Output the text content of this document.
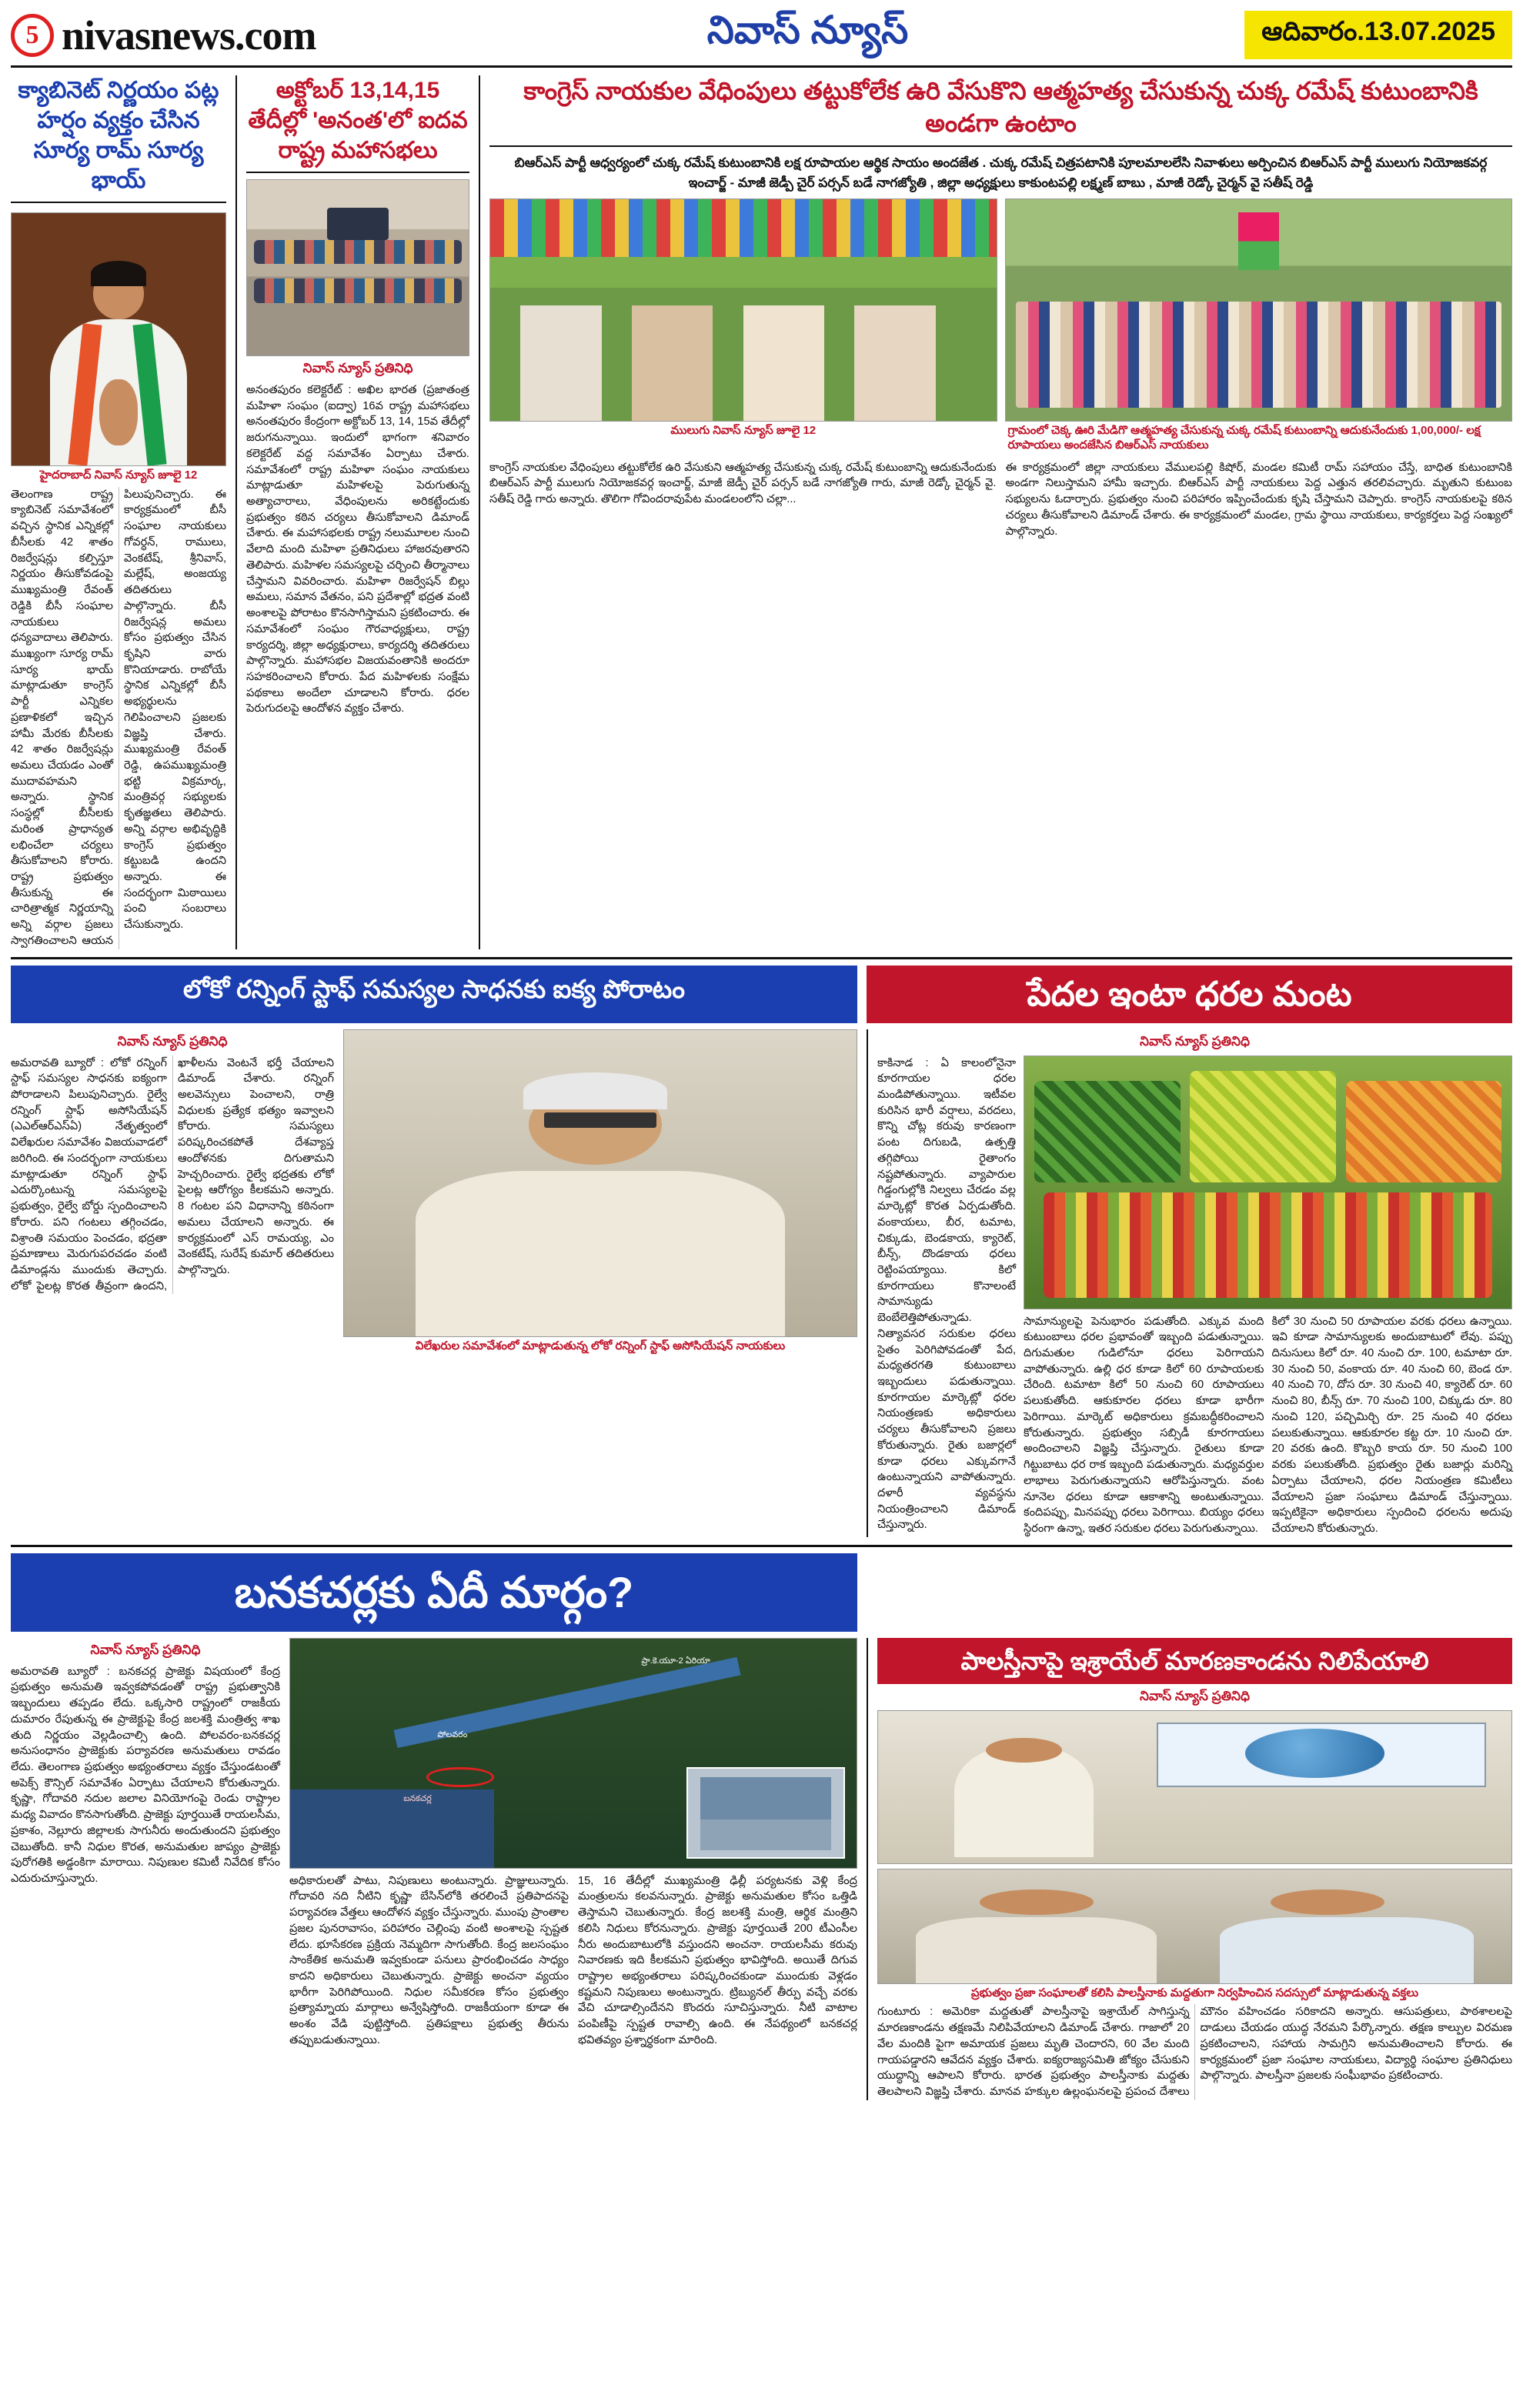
5 nivasnews.com	నివాస్ న్యూస్	ఆదివారం.13.07.2025
క్యాబినెట్ నిర్ణయం పట్ల హర్షం వ్యక్తం చేసిన సూర్య రామ్ సూర్య భాయ్
హైదరాబాద్ నివాస్ న్యూస్ జూలై 12
తెలంగాణ రాష్ట్ర క్యాబినెట్ సమావేశంలో వచ్చిన స్థానిక ఎన్నికల్లో బీసీలకు 42 శాతం రిజర్వేషన్లు కల్పిస్తూ నిర్ణయం తీసుకోవడంపై ముఖ్యమంత్రి రేవంత్ రెడ్డికి బీసీ సంఘాల నాయకులు ధన్యవాదాలు తెలిపారు. ముఖ్యంగా సూర్య రామ్ సూర్య భాయ్ మాట్లాడుతూ కాంగ్రెస్ పార్టీ ఎన్నికల ప్రణాళికలో ఇచ్చిన హామీ మేరకు బీసీలకు 42 శాతం రిజర్వేషన్లు అమలు చేయడం ఎంతో ముదావహమని అన్నారు. స్థానిక సంస్థల్లో బీసీలకు మరింత ప్రాధాన్యత లభించేలా చర్యలు తీసుకోవాలని కోరారు. రాష్ట్ర ప్రభుత్వం తీసుకున్న ఈ చారిత్రాత్మక నిర్ణయాన్ని అన్ని వర్గాల ప్రజలు స్వాగతించాలని ఆయన పిలుపునిచ్చారు. ఈ కార్యక్రమంలో బీసీ సంఘాల నాయకులు గోవర్ధన్, రాములు, వెంకటేష్, శ్రీనివాస్, మల్లేష్, అంజయ్య తదితరులు పాల్గొన్నారు. బీసీ రిజర్వేషన్ల అమలు కోసం ప్రభుత్వం చేసిన కృషిని వారు కొనియాడారు. రాబోయే స్థానిక ఎన్నికల్లో బీసీ అభ్యర్థులను గెలిపించాలని ప్రజలకు విజ్ఞప్తి చేశారు. ముఖ్యమంత్రి రేవంత్ రెడ్డి, ఉపముఖ్యమంత్రి భట్టి విక్రమార్క, మంత్రివర్గ సభ్యులకు కృతజ్ఞతలు తెలిపారు. అన్ని వర్గాల అభివృద్ధికి కాంగ్రెస్ ప్రభుత్వం కట్టుబడి ఉందని అన్నారు. ఈ సందర్భంగా మిఠాయిలు పంచి సంబరాలు చేసుకున్నారు.
అక్టోబర్ 13,14,15 తేదీల్లో 'అనంత'లో ఐదవ రాష్ట్ర మహాసభలు
నివాస్ న్యూస్ ప్రతినిధి
అనంతపురం కలెక్టరేట్ : అఖిల భారత (ప్రజాతంత్ర మహిళా సంఘం (ఐద్వా) 16వ రాష్ట్ర మహాసభలు అనంతపురం కేంద్రంగా అక్టోబర్ 13, 14, 15వ తేదీల్లో జరుగనున్నాయి. ఇందులో భాగంగా శనివారం కలెక్టరేట్ వద్ద సమావేశం ఏర్పాటు చేశారు. సమావేశంలో రాష్ట్ర మహిళా సంఘం నాయకులు మాట్లాడుతూ మహిళలపై పెరుగుతున్న అత్యాచారాలు, వేధింపులను అరికట్టేందుకు ప్రభుత్వం కఠిన చర్యలు తీసుకోవాలని డిమాండ్ చేశారు. ఈ మహాసభలకు రాష్ట్ర నలుమూలల నుంచి వేలాది మంది మహిళా ప్రతినిధులు హాజరవుతారని తెలిపారు. మహిళల సమస్యలపై చర్చించి తీర్మానాలు చేస్తామని వివరించారు. మహిళా రిజర్వేషన్ బిల్లు అమలు, సమాన వేతనం, పని ప్రదేశాల్లో భద్రత వంటి అంశాలపై పోరాటం కొనసాగిస్తామని ప్రకటించారు. ఈ సమావేశంలో సంఘం గౌరవాధ్యక్షులు, రాష్ట్ర కార్యదర్శి, జిల్లా అధ్యక్షురాలు, కార్యదర్శి తదితరులు పాల్గొన్నారు. మహాసభల విజయవంతానికి అందరూ సహకరించాలని కోరారు. పేద మహిళలకు సంక్షేమ పథకాలు అందేలా చూడాలని కోరారు. ధరల పెరుగుదలపై ఆందోళన వ్యక్తం చేశారు.
కాంగ్రెస్ నాయకుల వేధింపులు తట్టుకోలేక ఉరి వేసుకొని ఆత్మహత్య చేసుకున్న చుక్క రమేష్ కుటుంబానికి అండగా ఉంటాం
బిఆర్ఎస్ పార్టీ ఆధ్వర్యంలో చుక్క రమేష్ కుటుంబానికి లక్ష రూపాయల ఆర్థిక సాయం అందజేత . చుక్క రమేష్ చిత్రపటానికి పూలమాలలేసి నివాళులు అర్పించిన బిఆర్ఎస్ పార్టీ ములుగు నియోజకవర్గ ఇంచార్జ్ - మాజీ జెడ్పీ చైర్ పర్సన్ బడే నాగజ్యోతి , జిల్లా అధ్యక్షులు కాకుంటపల్లి లక్ష్మణ్ బాబు , మాజీ రెడ్కో చైర్మన్ వై సతీష్ రెడ్డి
ములుగు నివాస్ న్యూస్ జూలై 12	గ్రామంలో చెక్క ఊరి మేడిగొ ఆత్మహత్య చేసుకున్న చుక్క రమేష్ కుటుంబాన్ని ఆదుకునేందుకు 1,00,000/- లక్ష రూపాయలు అందజేసిన బిఆర్ఎస్ నాయకులు
కాంగ్రెస్ నాయకుల వేధింపులు తట్టుకోలేక ఉరి వేసుకుని ఆత్మహత్య చేసుకున్న చుక్క రమేష్ కుటుంబాన్ని ఆదుకునేందుకు బిఆర్ఎస్ పార్టీ ములుగు నియోజకవర్గ ఇంచార్జ్, మాజీ జెడ్పీ చైర్ పర్సన్ బడే నాగజ్యోతి గారు, మాజీ రెడ్కో చైర్మన్ వై. సతీష్ రెడ్డి గారు అన్నారు. తొలిగా గోవిందరావుపేట మండలంలోని చల్లా...
ఈ కార్యక్రమంలో జిల్లా నాయకులు వేములపల్లి కిషోర్, మండల కమిటీ రామ్ సహాయం చేస్తే, బాధిత కుటుంబానికి అండగా నిలుస్తామని హామీ ఇచ్చారు. బిఆర్ఎస్ పార్టీ నాయకులు పెద్ద ఎత్తున తరలివచ్చారు. మృతుని కుటుంబ సభ్యులను ఓదార్చారు. ప్రభుత్వం నుంచి పరిహారం ఇప్పించేందుకు కృషి చేస్తామని చెప్పారు. కాంగ్రెస్ నాయకులపై కఠిన చర్యలు తీసుకోవాలని డిమాండ్ చేశారు. ఈ కార్యక్రమంలో మండల, గ్రామ స్థాయి నాయకులు, కార్యకర్తలు పెద్ద సంఖ్యలో పాల్గొన్నారు.
లోకో రన్నింగ్ స్టాఫ్ సమస్యల సాధనకు ఐక్య పోరాటం	పేదల ఇంటా ధరల మంట
నివాస్ న్యూస్ ప్రతినిధి
అమరావతి బ్యూరో : లోకో రన్నింగ్ స్టాఫ్ సమస్యల సాధనకు ఐక్యంగా పోరాడాలని పిలుపునిచ్చారు. రైల్వే రన్నింగ్ స్టాఫ్ అసోసియేషన్ (ఎఎల్ఆర్ఎస్ఏ) నేతృత్వంలో విలేఖరుల సమావేశం విజయవాడలో జరిగింది. ఈ సందర్భంగా నాయకులు మాట్లాడుతూ రన్నింగ్ స్టాఫ్ ఎదుర్కొంటున్న సమస్యలపై ప్రభుత్వం, రైల్వే బోర్డు స్పందించాలని కోరారు. పని గంటలు తగ్గించడం, విశ్రాంతి సమయం పెంచడం, భద్రతా ప్రమాణాలు మెరుగుపరచడం వంటి డిమాండ్లను ముందుకు తెచ్చారు. లోకో పైలట్ల కొరత తీవ్రంగా ఉందని, ఖాళీలను వెంటనే భర్తీ చేయాలని డిమాండ్ చేశారు. రన్నింగ్ అలవెన్సులు పెంచాలని, రాత్రి విధులకు ప్రత్యేక భత్యం ఇవ్వాలని కోరారు. సమస్యలు పరిష్కరించకపోతే దేశవ్యాప్త ఆందోళనకు దిగుతామని హెచ్చరించారు. రైల్వే భద్రతకు లోకో పైలట్ల ఆరోగ్యం కీలకమని అన్నారు. 8 గంటల పని విధానాన్ని కఠినంగా అమలు చేయాలని అన్నారు. ఈ కార్యక్రమంలో ఎస్ రామయ్య, ఎం వెంకటేష్, సురేష్ కుమార్ తదితరులు పాల్గొన్నారు.
విలేఖరుల సమావేశంలో మాట్లాడుతున్న లోకో రన్నింగ్ స్టాఫ్ అసోసియేషన్ నాయకులు
నివాస్ న్యూస్ ప్రతినిధి
కాకినాడ : ఏ కాలంలోనైనా కూరగాయల ధరల మండిపోతున్నాయి. ఇటీవల కురిసిన భారీ వర్షాలు, వరదలు, కొన్ని చోట్ల కరువు కారణంగా పంట దిగుబడి, ఉత్పత్తి తగ్గిపోయి రైతాంగం నష్టపోతున్నారు. వ్యాపారుల గిడ్డంగుల్లోకి నిల్వలు చేరడం వల్ల మార్కెట్లో కొరత ఏర్పడుతోంది. వంకాయలు, బీర, టమాట, చిక్కుడు, బెండకాయ, క్యారెట్, బీన్స్, దొండకాయ ధరలు రెట్టింపయ్యాయి. కిలో కూరగాయలు కొనాలంటే సామాన్యుడు బెంబేలెత్తిపోతున్నాడు. నిత్యావసర సరుకుల ధరలు సైతం పెరిగిపోవడంతో పేద, మధ్యతరగతి కుటుంబాలు ఇబ్బందులు పడుతున్నాయి. కూరగాయల మార్కెట్లో ధరల నియంత్రణకు అధికారులు చర్యలు తీసుకోవాలని ప్రజలు కోరుతున్నారు. రైతు బజార్లలో కూడా ధరలు ఎక్కువగానే ఉంటున్నాయని వాపోతున్నారు. దళారీ వ్యవస్థను నియంత్రించాలని డిమాండ్ చేస్తున్నారు.
సామాన్యులపై పెనుభారం పడుతోంది. ఎక్కువ మంది కుటుంబాలు ధరల ప్రభావంతో ఇబ్బంది పడుతున్నాయి. దిగుమతుల గుడిలోనూ ధరలు పెరిగాయని వాపోతున్నారు. ఉల్లి ధర కూడా కిలో 60 రూపాయలకు చేరింది. టమాటా కిలో 50 నుంచి 60 రూపాయలు పలుకుతోంది. ఆకుకూరల ధరలు కూడా భారీగా పెరిగాయి. మార్కెట్ అధికారులు క్రమబద్ధీకరించాలని కోరుతున్నారు. ప్రభుత్వం సబ్సిడీ కూరగాయలు అందించాలని విజ్ఞప్తి చేస్తున్నారు. రైతులు కూడా గిట్టుబాటు ధర రాక ఇబ్బంది పడుతున్నారు. మధ్యవర్తుల లాభాలు పెరుగుతున్నాయని ఆరోపిస్తున్నారు. వంట నూనెల ధరలు కూడా ఆకాశాన్ని అంటుతున్నాయి. కందిపప్పు, మినపప్పు ధరలు పెరిగాయి. బియ్యం ధరలు స్థిరంగా ఉన్నా, ఇతర సరుకుల ధరలు పెరుగుతున్నాయి.
కిలో 30 నుంచి 50 రూపాయల వరకు ధరలు ఉన్నాయి. ఇవి కూడా సామాన్యులకు అందుబాటులో లేవు. పప్పు దినుసులు కిలో రూ. 40 నుంచి రూ. 100, టమాటా రూ. 30 నుంచి 50, వంకాయ రూ. 40 నుంచి 60, బెండ రూ. 40 నుంచి 70, దోస రూ. 30 నుంచి 40, క్యారెట్ రూ. 60 నుంచి 80, బీన్స్ రూ. 70 నుంచి 100, చిక్కుడు రూ. 80 నుంచి 120, పచ్చిమిర్చి రూ. 25 నుంచి 40 ధరలు పలుకుతున్నాయి. ఆకుకూరల కట్ట రూ. 10 నుంచి రూ. 20 వరకు ఉంది. కొబ్బరి కాయ రూ. 50 నుంచి 100 వరకు పలుకుతోంది. ప్రభుత్వం రైతు బజార్లు మరిన్ని ఏర్పాటు చేయాలని, ధరల నియంత్రణ కమిటీలు వేయాలని ప్రజా సంఘాలు డిమాండ్ చేస్తున్నాయి. ఇప్పటికైనా అధికారులు స్పందించి ధరలను అదుపు చేయాలని కోరుతున్నారు.
బనకచర్లకు ఏదీ మార్గం?
నివాస్ న్యూస్ ప్రతినిధి
అమరావతి బ్యూరో : బనకచర్ల ప్రాజెక్టు విషయంలో కేంద్ర ప్రభుత్వం అనుమతి ఇవ్వకపోవడంతో రాష్ట్ర ప్రభుత్వానికి ఇబ్బందులు తప్పడం లేదు. ఒక్కసారి రాష్ట్రంలో రాజకీయ దుమారం రేపుతున్న ఈ ప్రాజెక్టుపై కేంద్ర జలశక్తి మంత్రిత్వ శాఖ తుది నిర్ణయం వెల్లడించాల్సి ఉంది. పోలవరం-బనకచర్ల అనుసంధానం ప్రాజెక్టుకు పర్యావరణ అనుమతులు రావడం లేదు. తెలంగాణ ప్రభుత్వం అభ్యంతరాలు వ్యక్తం చేస్తుండటంతో అపెక్స్ కౌన్సిల్ సమావేశం ఏర్పాటు చేయాలని కోరుతున్నారు. కృష్ణా, గోదావరి నదుల జలాల వినియోగంపై రెండు రాష్ట్రాల మధ్య వివాదం కొనసాగుతోంది. ప్రాజెక్టు పూర్తయితే రాయలసీమ, ప్రకాశం, నెల్లూరు జిల్లాలకు సాగునీరు అందుతుందని ప్రభుత్వం చెబుతోంది. కానీ నిధుల కొరత, అనుమతుల జాప్యం ప్రాజెక్టు పురోగతికి అడ్డంకిగా మారాయి. నిపుణుల కమిటీ నివేదిక కోసం ఎదురుచూస్తున్నారు.
ప్రా.కె.యూ-2 ఏరియా
పోలవరం
బనకచర్ల
అధికారులతో పాటు, నిపుణులు అంటున్నారు. ప్రాజ్ఞులున్నారు. గోదావరి నది నీటిని కృష్ణా బేసిన్‌లోకి తరలించే ప్రతిపాదనపై పర్యావరణ వేత్తలు ఆందోళన వ్యక్తం చేస్తున్నారు. ముంపు ప్రాంతాల ప్రజల పునరావాసం, పరిహారం చెల్లింపు వంటి అంశాలపై స్పష్టత లేదు. భూసేకరణ ప్రక్రియ నెమ్మదిగా సాగుతోంది. కేంద్ర జలసంఘం సాంకేతిక అనుమతి ఇవ్వకుండా పనులు ప్రారంభించడం సాధ్యం కాదని అధికారులు చెబుతున్నారు. ప్రాజెక్టు అంచనా వ్యయం భారీగా పెరిగిపోయింది. నిధుల సమీకరణ కోసం ప్రభుత్వం ప్రత్యామ్నాయ మార్గాలు అన్వేషిస్తోంది. రాజకీయంగా కూడా ఈ అంశం వేడి పుట్టిస్తోంది. ప్రతిపక్షాలు ప్రభుత్వ తీరును తప్పుబడుతున్నాయి.
15, 16 తేదీల్లో ముఖ్యమంత్రి ఢిల్లీ పర్యటనకు వెళ్లి కేంద్ర మంత్రులను కలవనున్నారు. ప్రాజెక్టు అనుమతుల కోసం ఒత్తిడి తెస్తామని చెబుతున్నారు. కేంద్ర జలశక్తి మంత్రి, ఆర్థిక మంత్రిని కలిసి నిధులు కోరనున్నారు. ప్రాజెక్టు పూర్తయితే 200 టీఎంసీల నీరు అందుబాటులోకి వస్తుందని అంచనా. రాయలసీమ కరువు నివారణకు ఇది కీలకమని ప్రభుత్వం భావిస్తోంది. అయితే దిగువ రాష్ట్రాల అభ్యంతరాలు పరిష్కరించకుండా ముందుకు వెళ్లడం కష్టమని నిపుణులు అంటున్నారు. ట్రిబ్యునల్ తీర్పు వచ్చే వరకు వేచి చూడాల్సిందేనని కొందరు సూచిస్తున్నారు. నీటి వాటాల పంపిణీపై స్పష్టత రావాల్సి ఉంది. ఈ నేపథ్యంలో బనకచర్ల భవితవ్యం ప్రశ్నార్థకంగా మారింది.
పాలస్తీనాపై ఇశ్రాయేల్ మారణకాండను నిలిపేయాలి
నివాస్ న్యూస్ ప్రతినిధి
ప్రభుత్వం ప్రజా సంఘాలతో కలిసి పాలస్తీనాకు మద్దతుగా నిర్వహించిన సదస్సులో మాట్లాడుతున్న వక్తలు
గుంటూరు : అమెరికా మద్దతుతో పాలస్తీనాపై ఇశ్రాయేల్ సాగిస్తున్న మారణకాండను తక్షణమే నిలిపివేయాలని డిమాండ్ చేశారు. గాజాలో 20 వేల మందికి పైగా అమాయక ప్రజలు మృతి చెందారని, 60 వేల మంది గాయపడ్డారని ఆవేదన వ్యక్తం చేశారు. ఐక్యరాజ్యసమితి జోక్యం చేసుకుని యుద్ధాన్ని ఆపాలని కోరారు. భారత ప్రభుత్వం పాలస్తీనాకు మద్దతు తెలపాలని విజ్ఞప్తి చేశారు. మానవ హక్కుల ఉల్లంఘనలపై ప్రపంచ దేశాలు మౌనం వహించడం సరికాదని అన్నారు. ఆసుపత్రులు, పాఠశాలలపై దాడులు చేయడం యుద్ధ నేరమని పేర్కొన్నారు. తక్షణ కాల్పుల విరమణ ప్రకటించాలని, సహాయ సామగ్రిని అనుమతించాలని కోరారు. ఈ కార్యక్రమంలో ప్రజా సంఘాల నాయకులు, విద్యార్థి సంఘాల ప్రతినిధులు పాల్గొన్నారు. పాలస్తీనా ప్రజలకు సంఘీభావం ప్రకటించారు.
